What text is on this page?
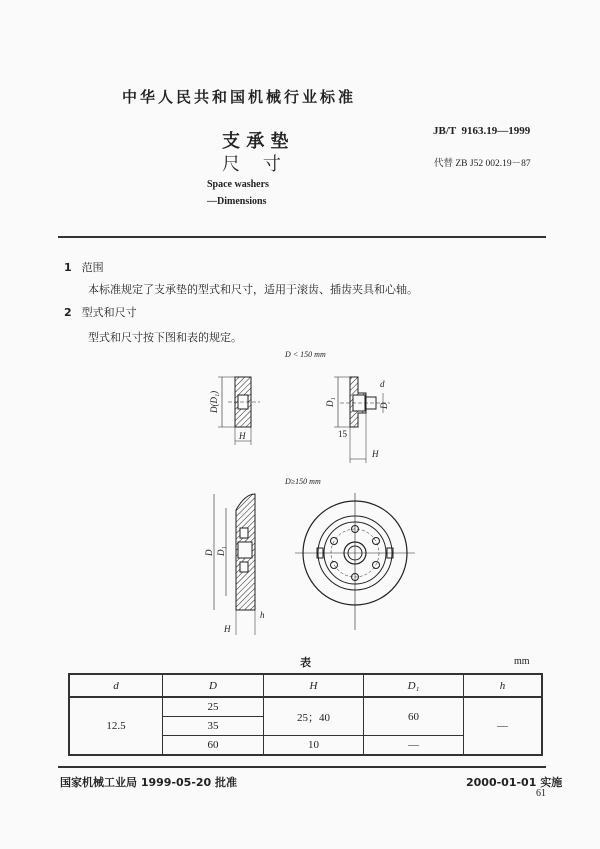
中华人民共和国机械行业标准
支 承 垫
尺    寸
Space washers
—Dimensions
JB/T  9163.19—1999
代替 ZB J52 002.19－87
1 范围
本标准规定了支承垫的型式和尺寸，适用于滚齿、插齿夹具和心轴。
2 型式和尺寸
型式和尺寸按下图和表的规定。
D < 150 mm
D(D₁)
H
D₁
d
D
15
H
D≥150 mm
D D₁
h
H
表	mm
d	D	H	D₁	h
12.5	25	25；40	60	—
	35			
	60	10	—	
国家机械工业局 1999-05-20 批准	2000-01-01 实施
61
